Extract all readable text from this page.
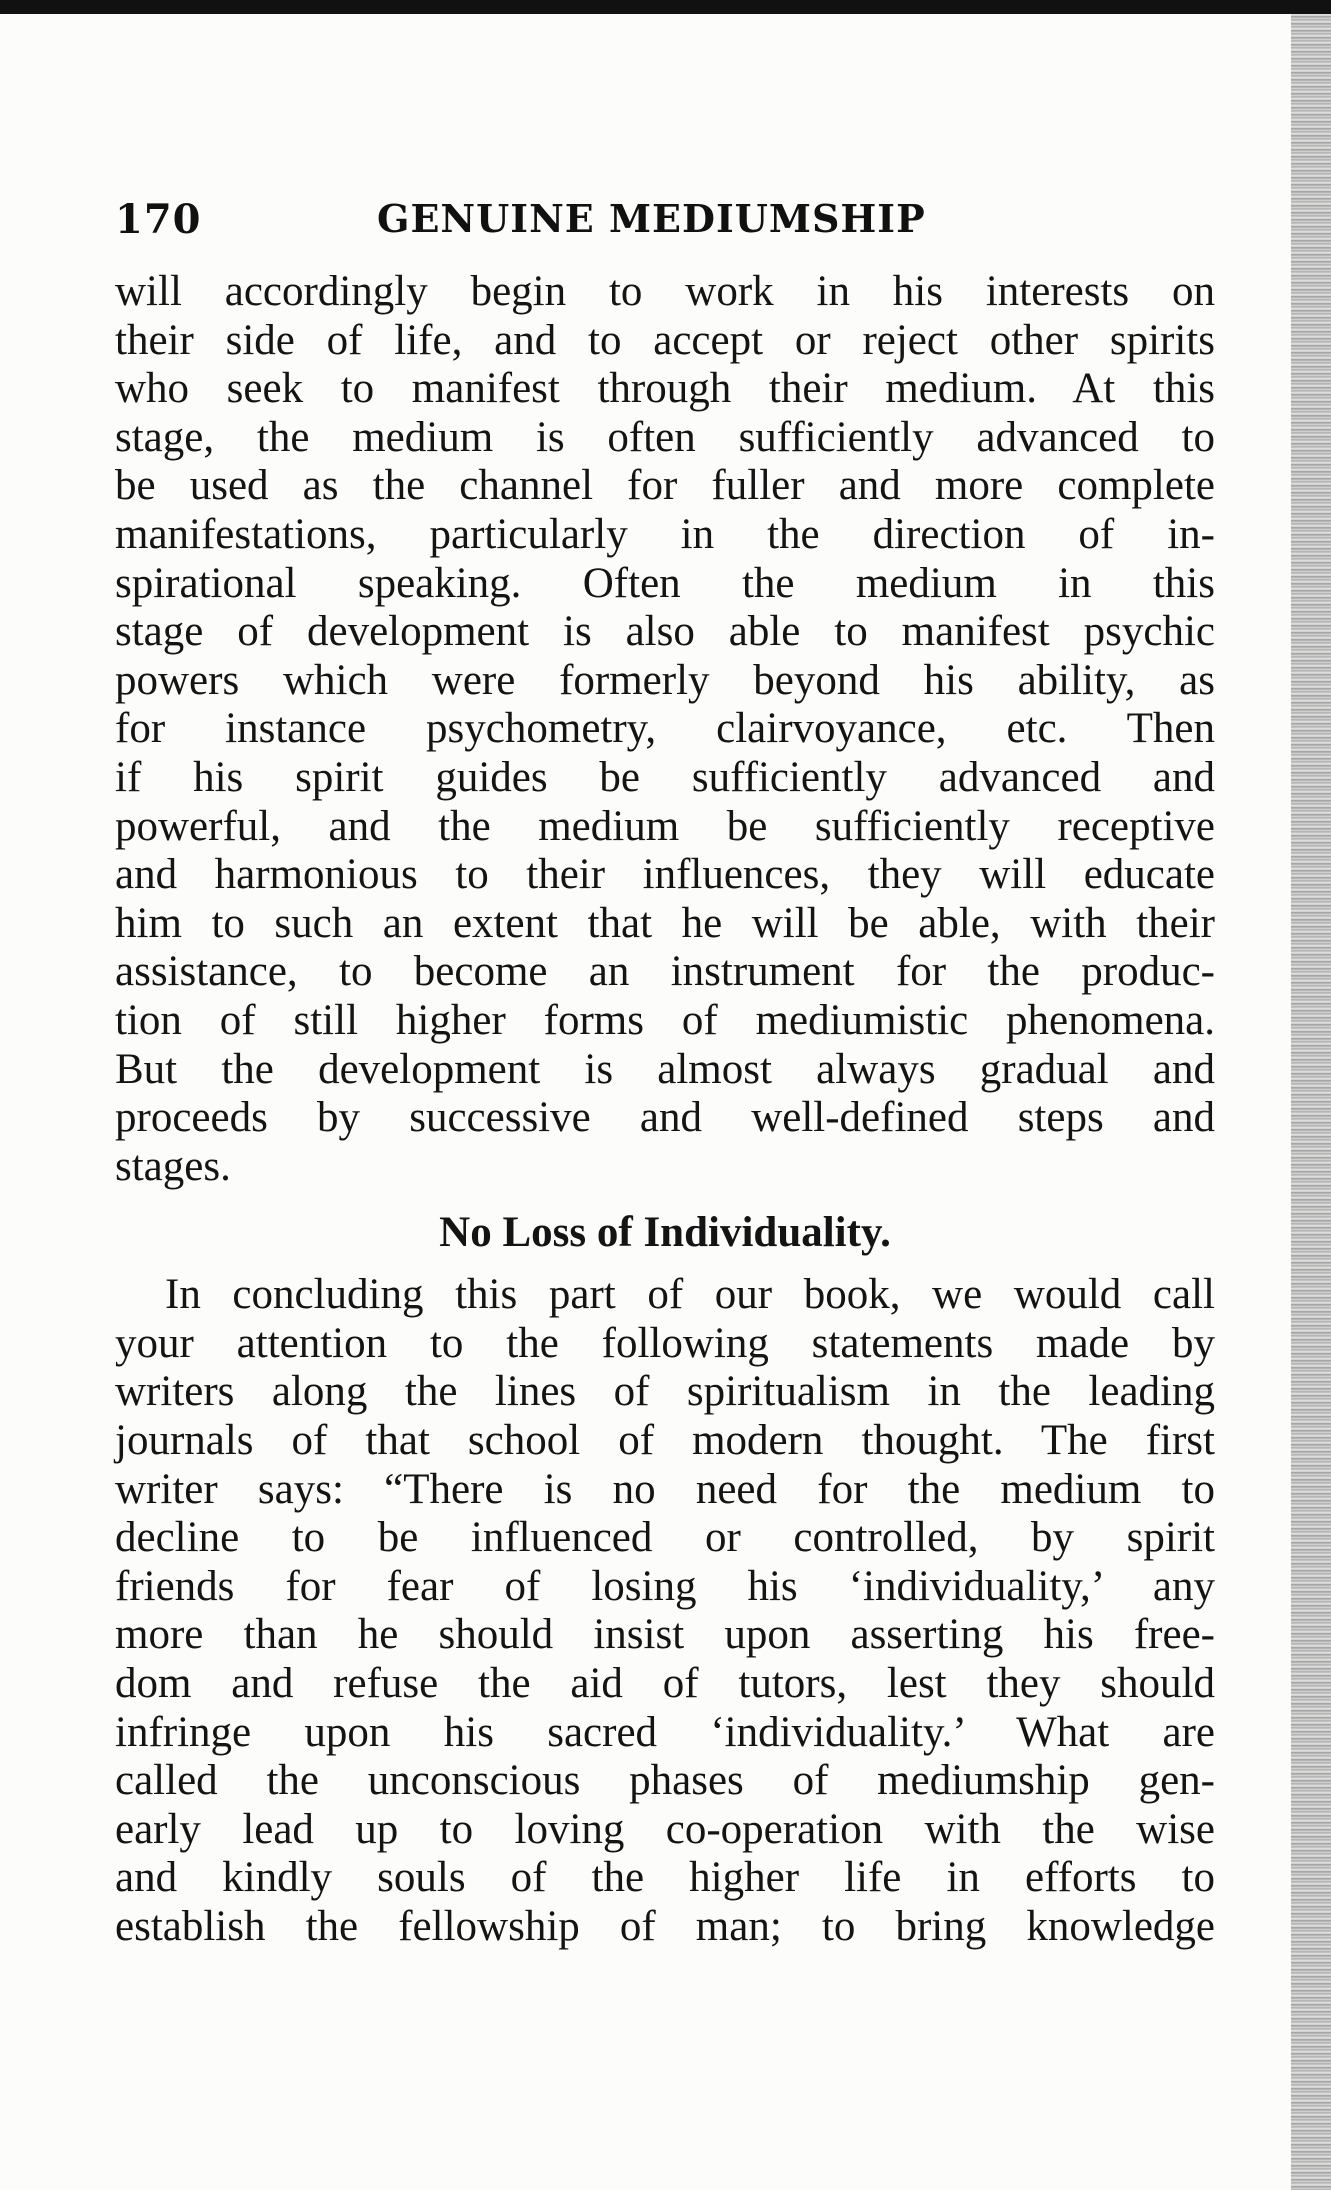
170	GENUINE MEDIUMSHIP
will accordingly begin to work in his interests on
their side of life, and to accept or reject other spirits
who seek to manifest through their medium. At this
stage, the medium is often sufficiently advanced to
be used as the channel for fuller and more complete
manifestations, particularly in the direction of in-
spirational speaking. Often the medium in this
stage of development is also able to manifest psychic
powers which were formerly beyond his ability, as
for instance psychometry, clairvoyance, etc. Then
if his spirit guides be sufficiently advanced and
powerful, and the medium be sufficiently receptive
and harmonious to their influences, they will educate
him to such an extent that he will be able, with their
assistance, to become an instrument for the produc-
tion of still higher forms of mediumistic phenomena.
But the development is almost always gradual and
proceeds by successive and well-defined steps and
stages.
No Loss of Individuality.
In concluding this part of our book, we would call
your attention to the following statements made by
writers along the lines of spiritualism in the leading
journals of that school of modern thought. The first
writer says: “There is no need for the medium to
decline to be influenced or controlled, by spirit
friends for fear of losing his ‘individuality,’ any
more than he should insist upon asserting his free-
dom and refuse the aid of tutors, lest they should
infringe upon his sacred ‘individuality.’ What are
called the unconscious phases of mediumship gen-
early lead up to loving co-operation with the wise
and kindly souls of the higher life in efforts to
establish the fellowship of man; to bring knowledge
